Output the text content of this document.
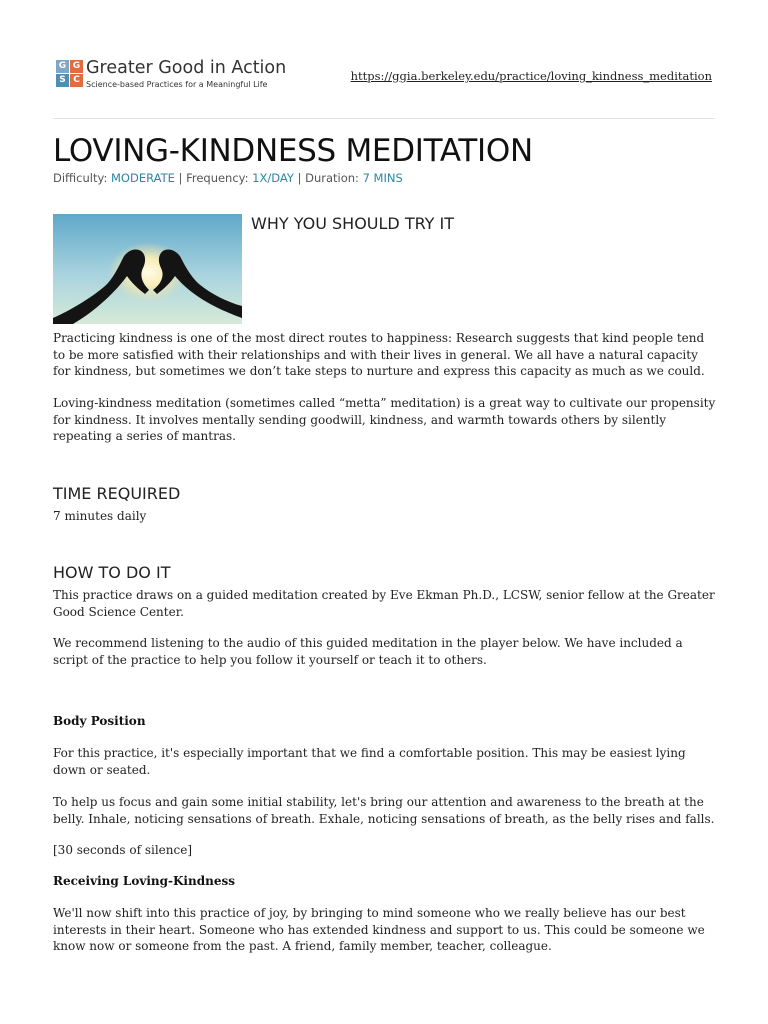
G G
S C
Greater Good in Action
Science-based Practices for a Meaningful Life
https://ggia.berkeley.edu/practice/loving_kindness_meditation
LOVING-KINDNESS MEDITATION
Difficulty: MODERATE | Frequency: 1X/DAY | Duration: 7 MINS
WHY YOU SHOULD TRY IT

Practicing kindness is one of the most direct routes to happiness: Research suggests that kind people tend to be more satisfied with their relationships and with their lives in general. We all have a natural capacity for kindness, but sometimes we don’t take steps to nurture and express this capacity as much as we could.

Loving-kindness meditation (sometimes called “metta” meditation) is a great way to cultivate our propensity for kindness. It involves mentally sending goodwill, kindness, and warmth towards others by silently repeating a series of mantras.

TIME REQUIRED

7 minutes daily

HOW TO DO IT

This practice draws on a guided meditation created by Eve Ekman Ph.D., LCSW, senior fellow at the Greater Good Science Center.

We recommend listening to the audio of this guided meditation in the player below. We have included a script of the practice to help you follow it yourself or teach it to others.

Body Position

For this practice, it's especially important that we find a comfortable position. This may be easiest lying down or seated.

To help us focus and gain some initial stability, let's bring our attention and awareness to the breath at the belly. Inhale, noticing sensations of breath. Exhale, noticing sensations of breath, as the belly rises and falls.

[30 seconds of silence]

Receiving Loving-Kindness

We'll now shift into this practice of joy, by bringing to mind someone who we really believe has our best interests in their heart. Someone who has extended kindness and support to us. This could be someone we know now or someone from the past. A friend, family member, teacher, colleague.
